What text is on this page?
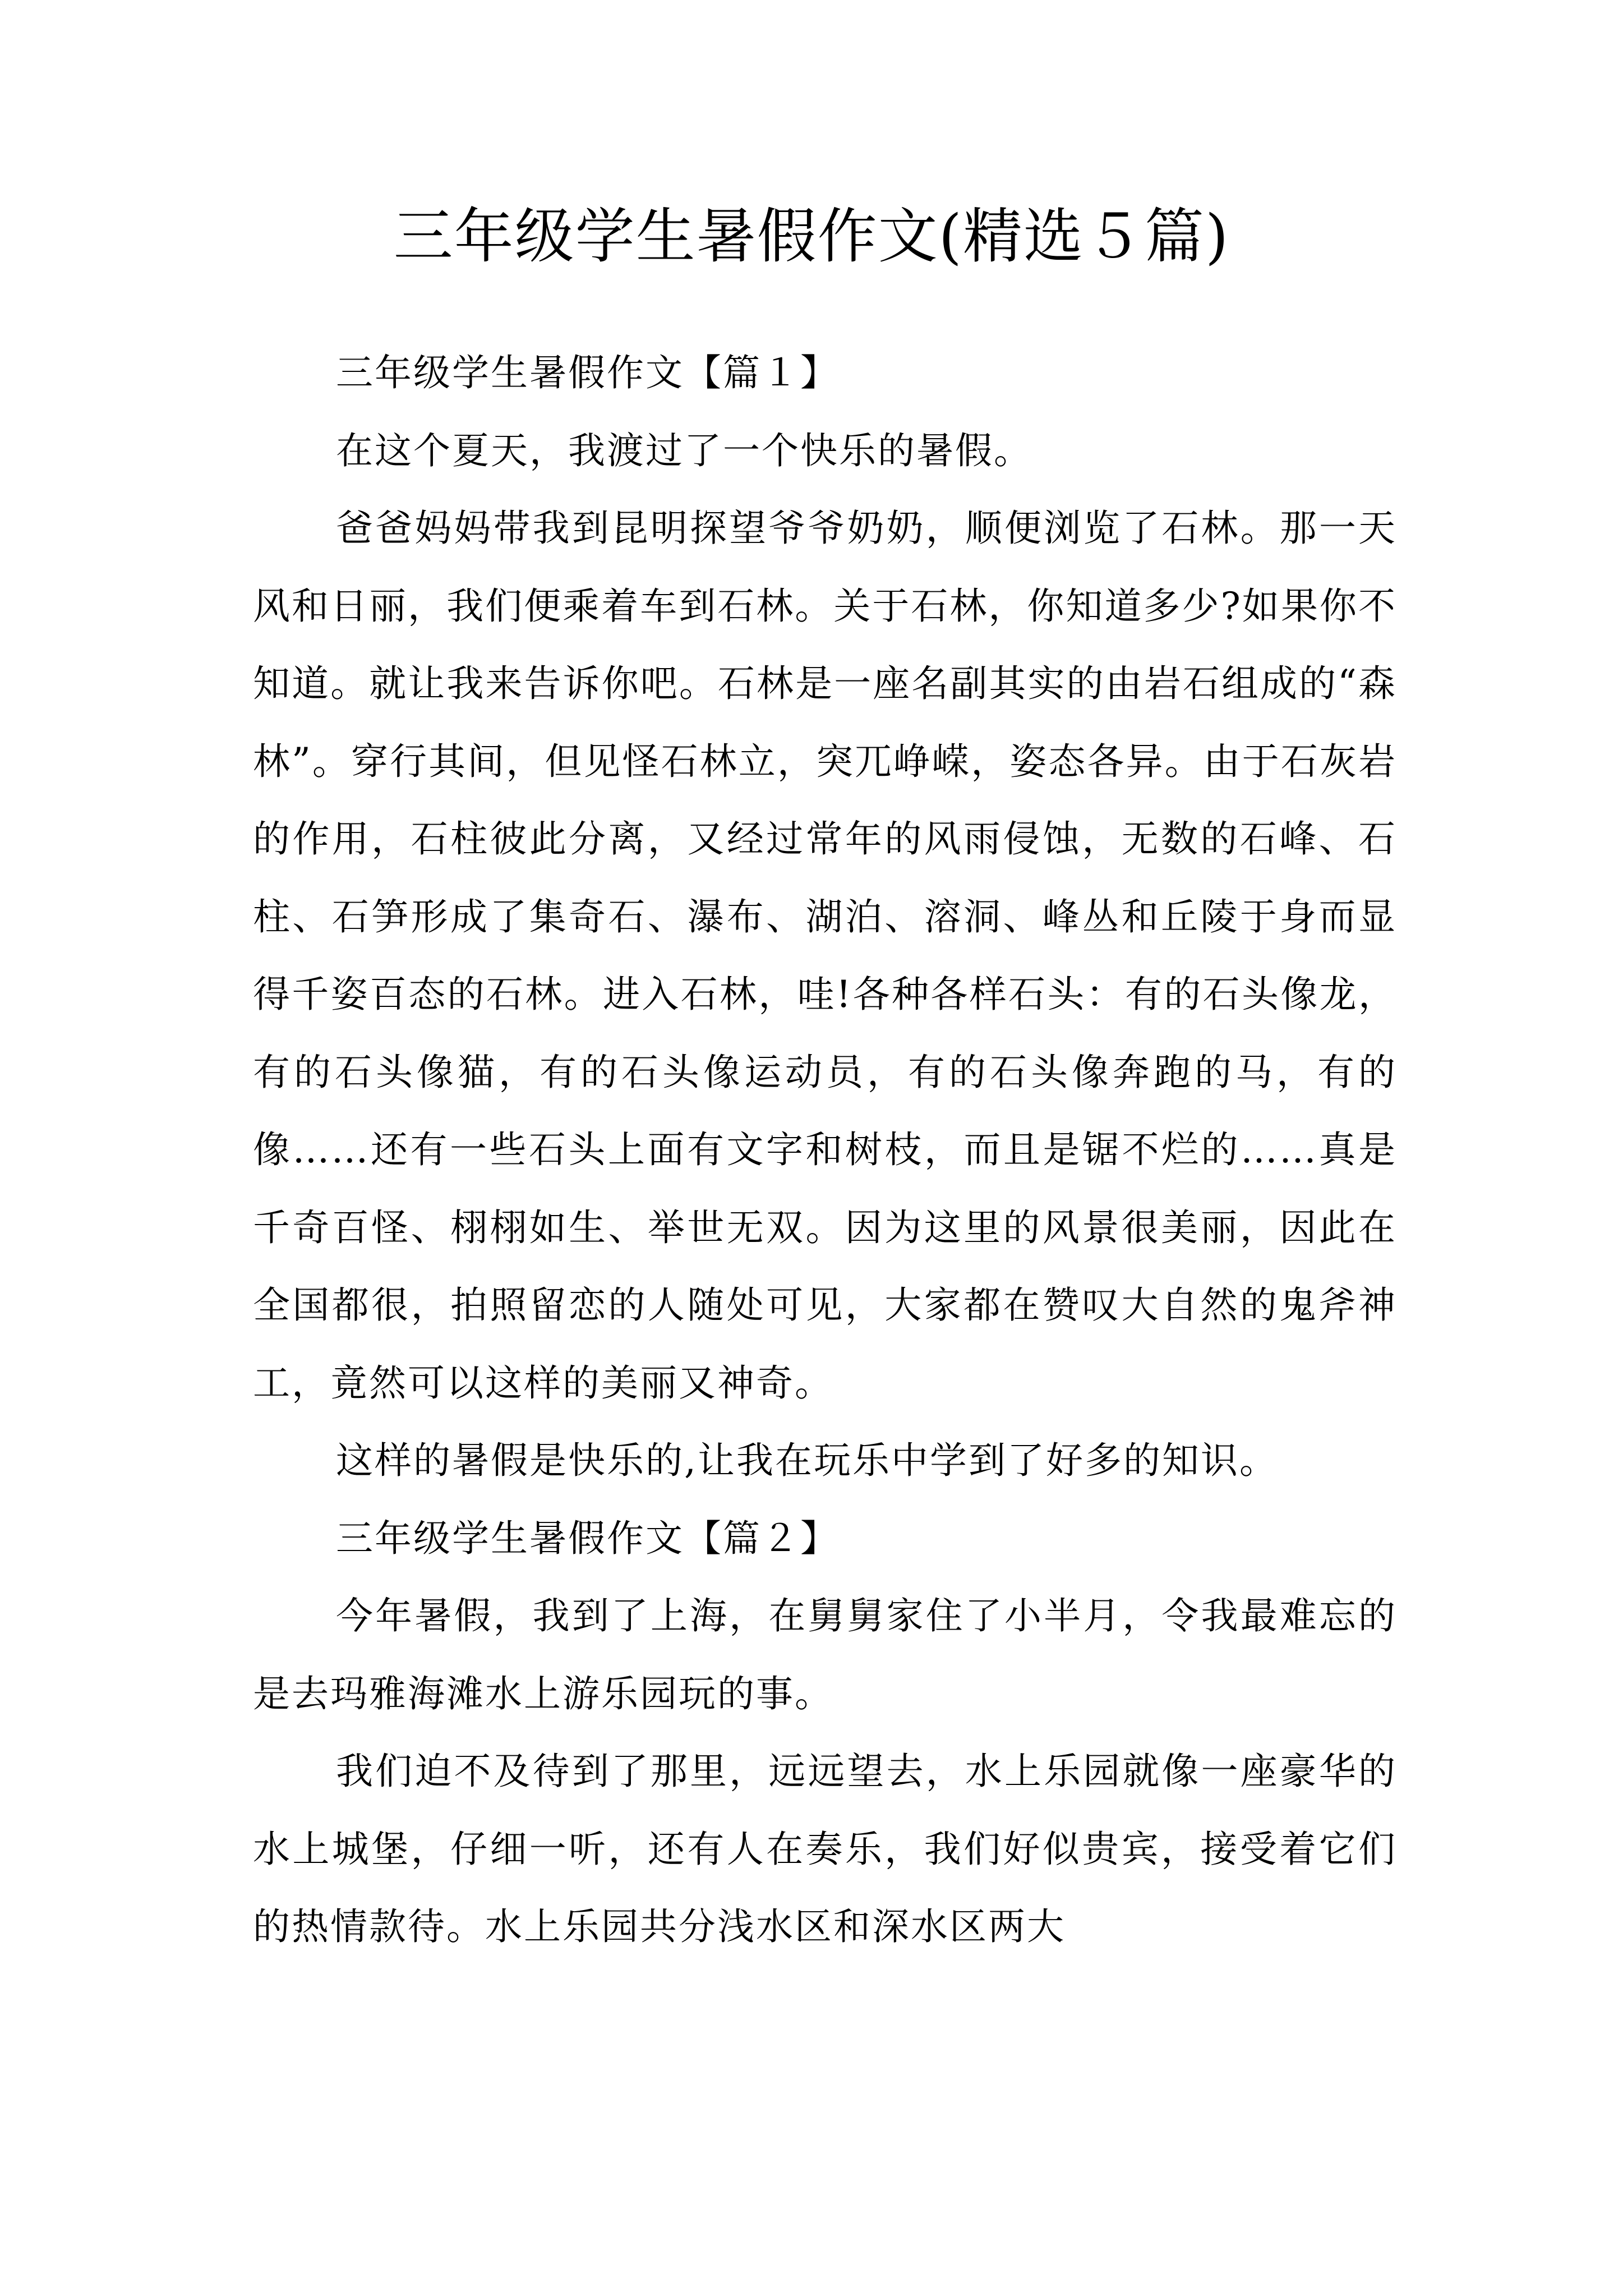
三年级学生暑假作文(精选５篇)

三年级学生暑假作文【篇１】

在这个夏天，我渡过了一个快乐的暑假。

爸爸妈妈带我到昆明探望爷爷奶奶，顺便浏览了石林。那一天风和日丽，我们便乘着车到石林。关于石林，你知道多少?如果你不知道。就让我来告诉你吧。石林是一座名副其实的由岩石组成的“森林”。穿行其间，但见怪石林立，突兀峥嵘，姿态各异。由于石灰岩的作用，石柱彼此分离，又经过常年的风雨侵蚀，无数的石峰、石柱、石笋形成了集奇石、瀑布、湖泊、溶洞、峰丛和丘陵于身而显得千姿百态的石林。进入石林，哇!各种各样石头：有的石头像龙，有的石头像猫，有的石头像运动员，有的石头像奔跑的马，有的像……还有一些石头上面有文字和树枝，而且是锯不烂的……真是千奇百怪、栩栩如生、举世无双。因为这里的风景很美丽，因此在全国都很，拍照留恋的人随处可见，大家都在赞叹大自然的鬼斧神工，竟然可以这样的美丽又神奇。

这样的暑假是快乐的,让我在玩乐中学到了好多的知识。

三年级学生暑假作文【篇２】

今年暑假，我到了上海，在舅舅家住了小半月，令我最难忘的是去玛雅海滩水上游乐园玩的事。

我们迫不及待到了那里，远远望去，水上乐园就像一座豪华的水上城堡，仔细一听，还有人在奏乐，我们好似贵宾，接受着它们的热情款待。水上乐园共分浅水区和深水区两大
